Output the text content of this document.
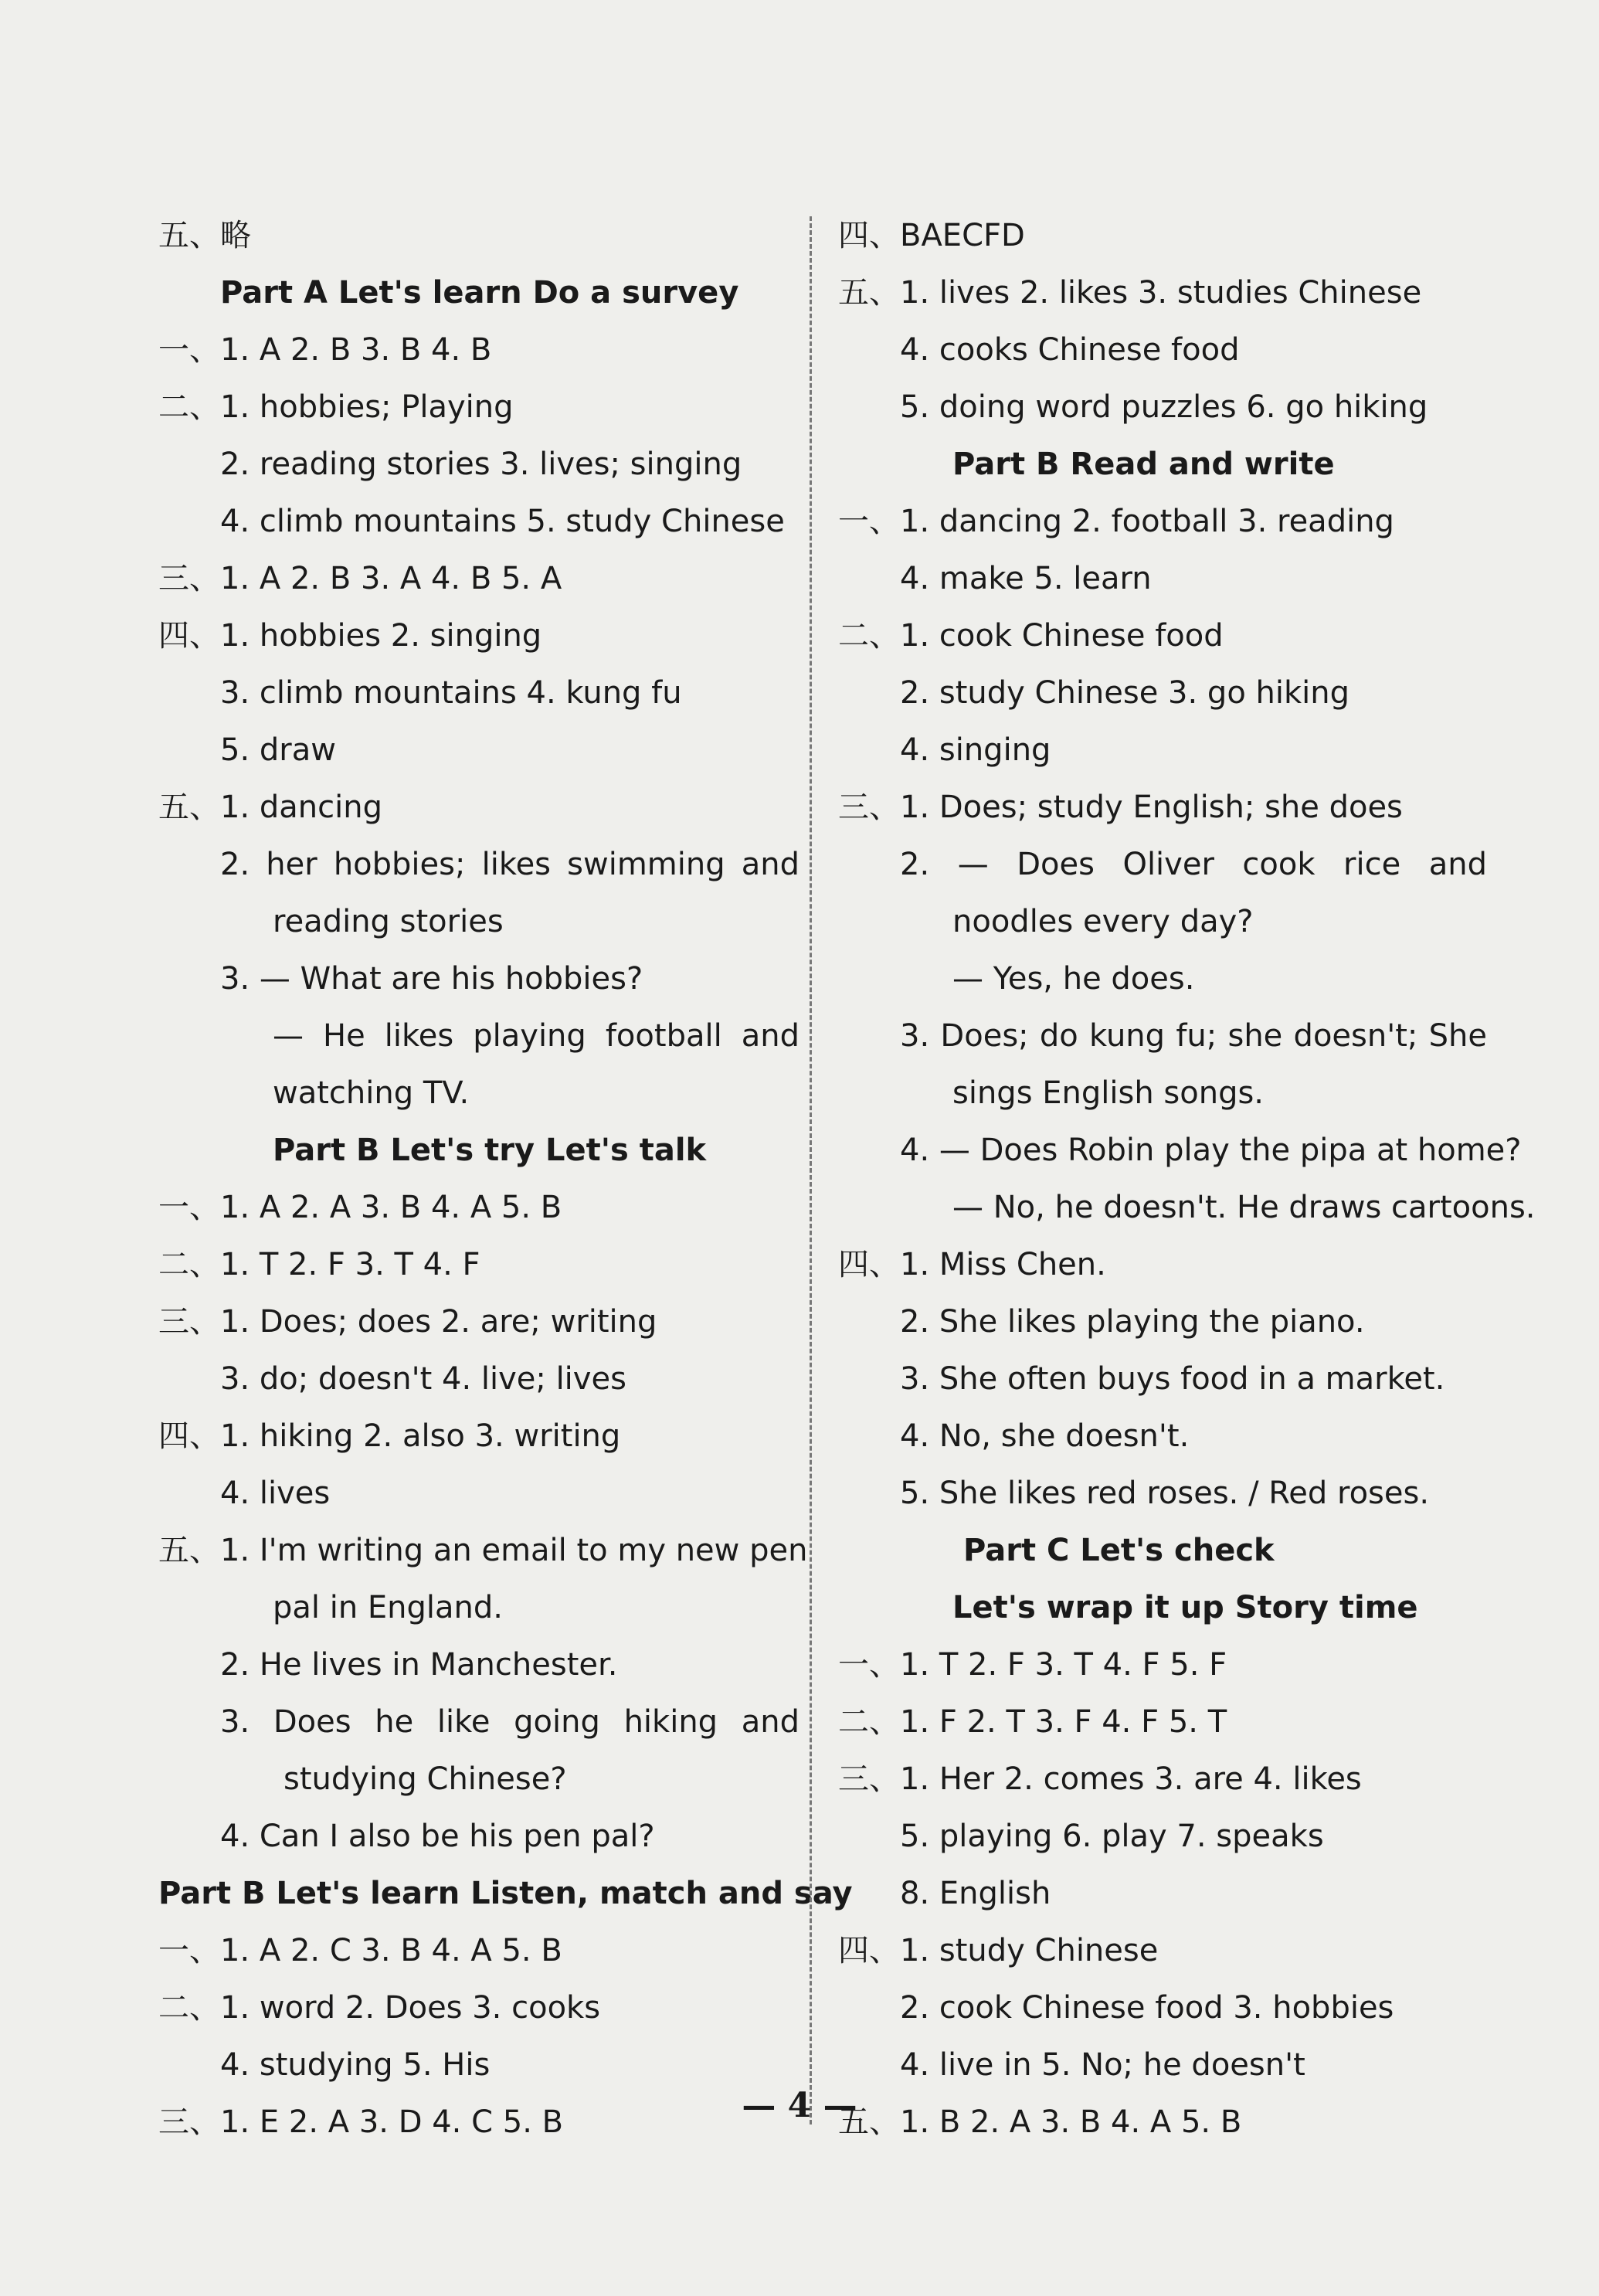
五、略
Part A Let's learn Do a survey
一、1. A 2. B 3. B 4. B
二、1. hobbies; Playing
2. reading stories 3. lives; singing
4. climb mountains 5. study Chinese
三、1. A 2. B 3. A 4. B 5. A
四、1. hobbies 2. singing
3. climb mountains 4. kung fu
5. draw
五、1. dancing
2. her hobbies; likes swimming and
reading stories
3. — What are his hobbies?
— He likes playing football and
watching TV.
Part B Let's try Let's talk
一、1. A 2. A 3. B 4. A 5. B
二、1. T 2. F 3. T 4. F
三、1. Does; does 2. are; writing
3. do; doesn't 4. live; lives
四、1. hiking 2. also 3. writing
4. lives
五、1. I'm writing an email to my new pen
pal in England.
2. He lives in Manchester.
3. Does he like going hiking and
studying Chinese?
4. Can I also be his pen pal?
Part B Let's learn Listen, match and say
一、1. A 2. C 3. B 4. A 5. B
二、1. word 2. Does 3. cooks
4. studying 5. His
三、1. E 2. A 3. D 4. C 5. B
四、BAECFD
五、1. lives 2. likes 3. studies Chinese
4. cooks Chinese food
5. doing word puzzles 6. go hiking
Part B Read and write
一、1. dancing 2. football 3. reading
4. make 5. learn
二、1. cook Chinese food
2. study Chinese 3. go hiking
4. singing
三、1. Does; study English; she does
2. — Does Oliver cook rice and
noodles every day?
— Yes, he does.
3. Does; do kung fu; she doesn't; She
sings English songs.
4. — Does Robin play the pipa at home?
— No, he doesn't. He draws cartoons.
四、1. Miss Chen.
2. She likes playing the piano.
3. She often buys food in a market.
4. No, she doesn't.
5. She likes red roses. / Red roses.
Part C Let's check
Let's wrap it up Story time
一、1. T 2. F 3. T 4. F 5. F
二、1. F 2. T 3. F 4. F 5. T
三、1. Her 2. comes 3. are 4. likes
5. playing 6. play 7. speaks
8. English
四、1. study Chinese
2. cook Chinese food 3. hobbies
4. live in 5. No; he doesn't
五、1. B 2. A 3. B 4. A 5. B
— 4 —
